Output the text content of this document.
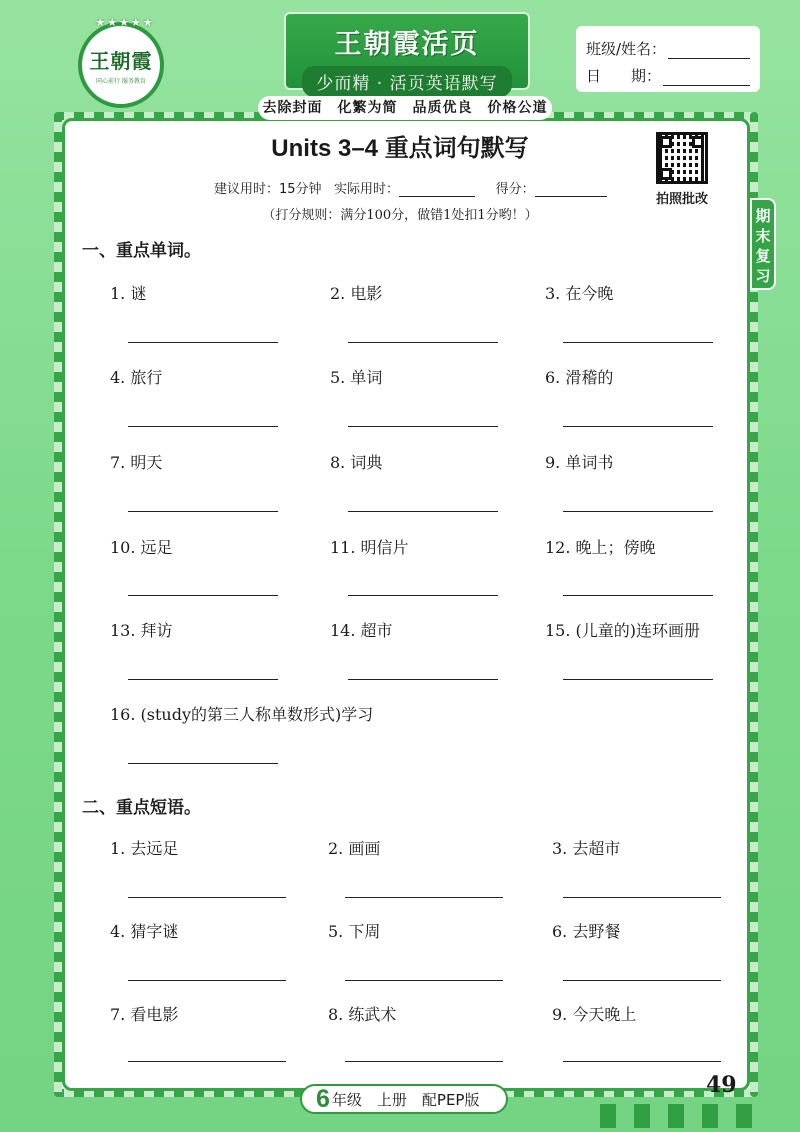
★★★★★
王朝霞
同心前行 服务教育
王朝霞活页
少而精 · 活页英语默写
班级/姓名：
日　　期：
去除封面　化繁为简　品质优良　价格公道
期末复习
Units 3–4 重点词句默写
建议用时：15分钟 实际用时：	得分：
（打分规则：满分100分，做错1处扣1分哟！）
拍照批改
一、重点单词。
1. 谜	2. 电影	3. 在今晚
4. 旅行	5. 单词	6. 滑稽的
7. 明天	8. 词典	9. 单词书
10. 远足	11. 明信片	12. 晚上；傍晚
13. 拜访	14. 超市	15. (儿童的)连环画册
16. (study的第三人称单数形式)学习
二、重点短语。
1. 去远足	2. 画画	3. 去超市
4. 猜字谜	5. 下周	6. 去野餐
7. 看电影	8. 练武术	9. 今天晚上
6 年级　上册　配PEP版
49
